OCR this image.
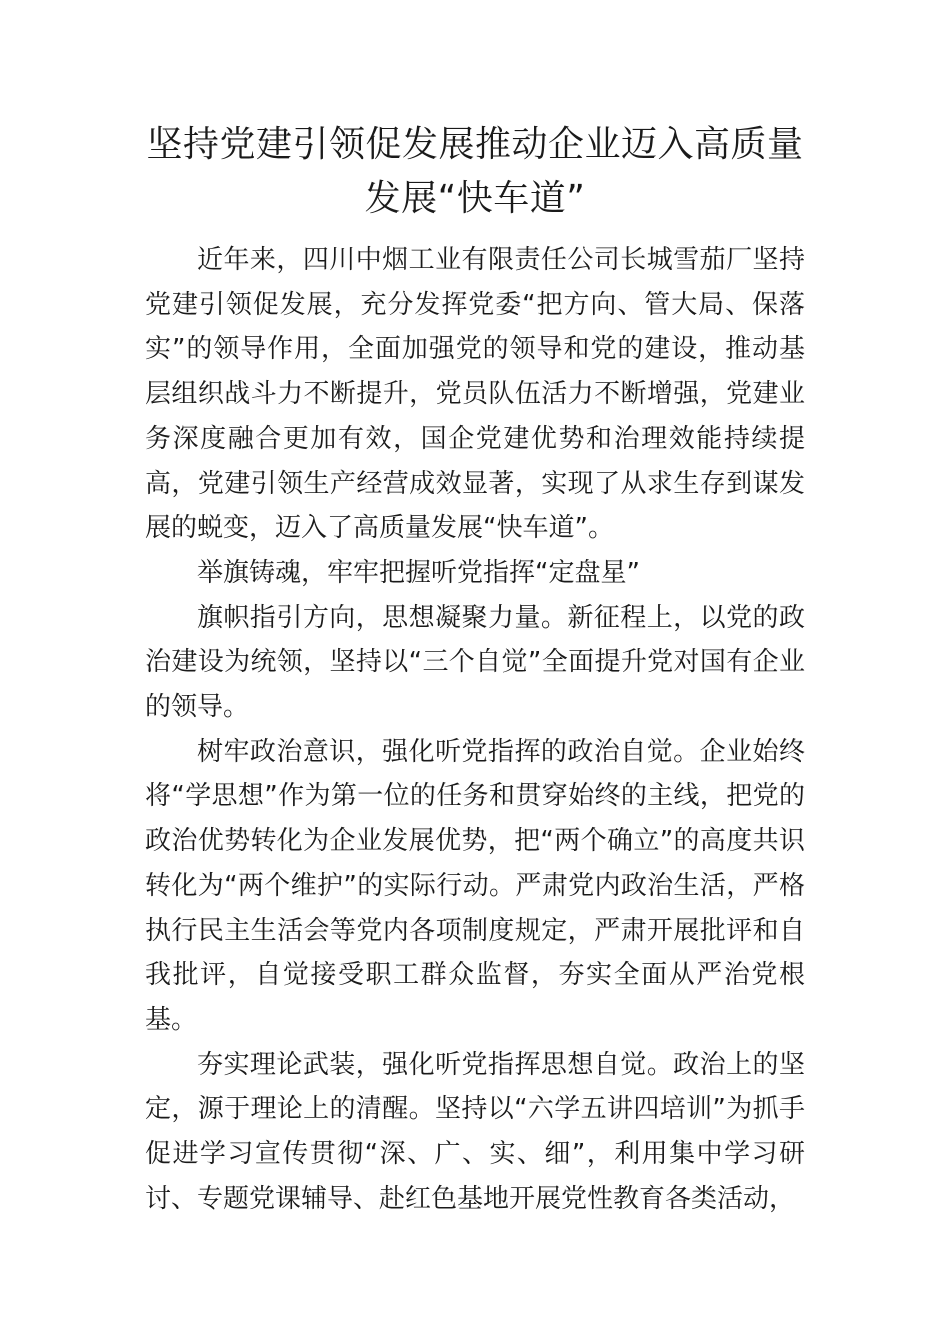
坚持党建引领促发展推动企业迈入高质量
发展“快车道”

近年来，四川中烟工业有限责任公司长城雪茄厂坚持党建引领促发展，充分发挥党委“把方向、管大局、保落实”的领导作用，全面加强党的领导和党的建设，推动基层组织战斗力不断提升，党员队伍活力不断增强，党建业务深度融合更加有效，国企党建优势和治理效能持续提高，党建引领生产经营成效显著，实现了从求生存到谋发展的蜕变，迈入了高质量发展“快车道”。

举旗铸魂，牢牢把握听党指挥“定盘星”

旗帜指引方向，思想凝聚力量。新征程上，以党的政治建设为统领，坚持以“三个自觉”全面提升党对国有企业的领导。

树牢政治意识，强化听党指挥的政治自觉。企业始终将“学思想”作为第一位的任务和贯穿始终的主线，把党的政治优势转化为企业发展优势，把“两个确立”的高度共识转化为“两个维护”的实际行动。严肃党内政治生活，严格执行民主生活会等党内各项制度规定，严肃开展批评和自我批评，自觉接受职工群众监督，夯实全面从严治党根基。

夯实理论武装，强化听党指挥思想自觉。政治上的坚定，源于理论上的清醒。坚持以“六学五讲四培训”为抓手促进学习宣传贯彻“深、广、实、细”，利用集中学习研讨、专题党课辅导、赴红色基地开展党性教育各类活动，
